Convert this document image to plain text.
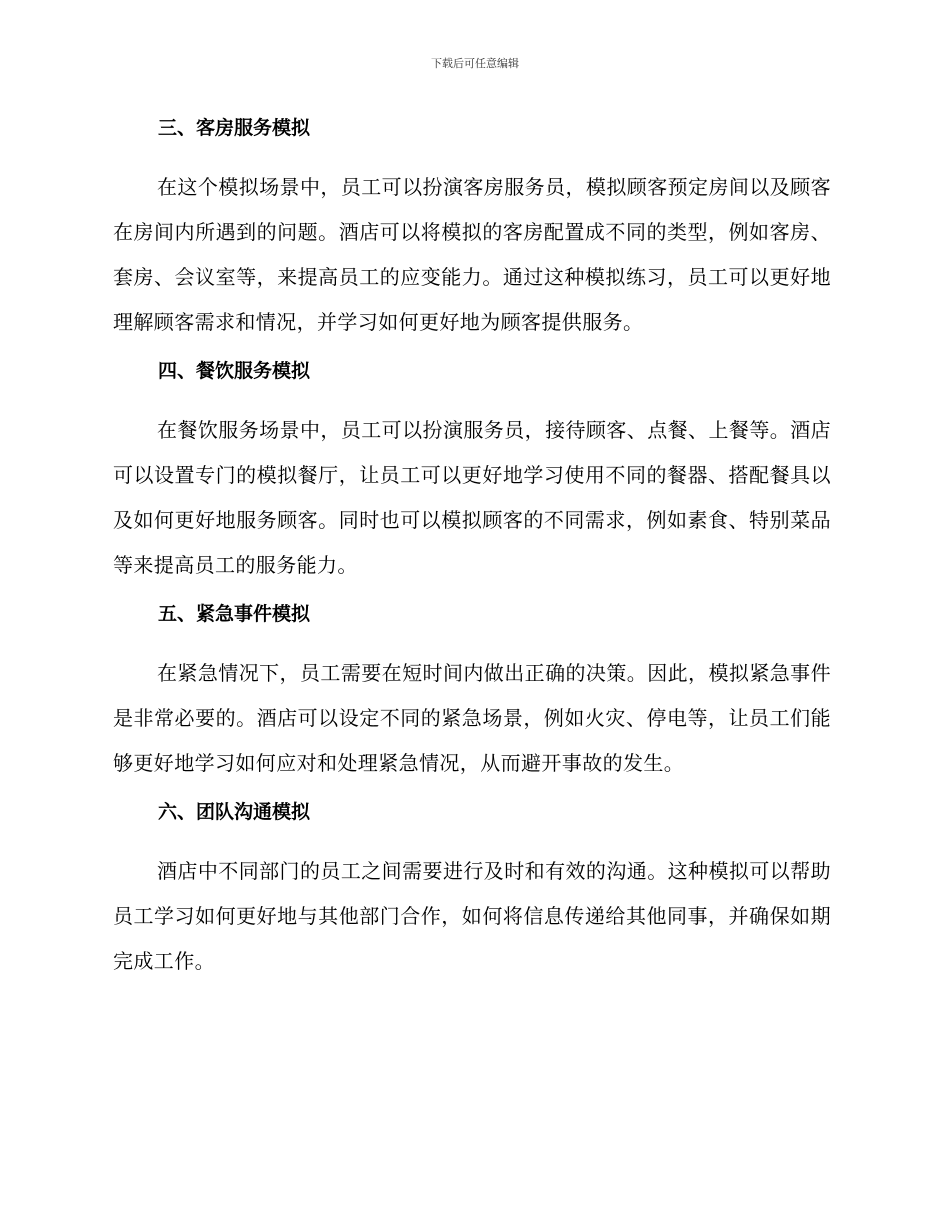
下载后可任意编辑
三、客房服务模拟

在这个模拟场景中，员工可以扮演客房服务员，模拟顾客预定房间以及顾客在房间内所遇到的问题。酒店可以将模拟的客房配置成不同的类型，例如客房、套房、会议室等，来提高员工的应变能力。通过这种模拟练习，员工可以更好地理解顾客需求和情况，并学习如何更好地为顾客提供服务。

四、餐饮服务模拟

在餐饮服务场景中，员工可以扮演服务员，接待顾客、点餐、上餐等。酒店可以设置专门的模拟餐厅，让员工可以更好地学习使用不同的餐器、搭配餐具以及如何更好地服务顾客。同时也可以模拟顾客的不同需求，例如素食、特别菜品等来提高员工的服务能力。

五、紧急事件模拟

在紧急情况下，员工需要在短时间内做出正确的决策。因此，模拟紧急事件是非常必要的。酒店可以设定不同的紧急场景，例如火灾、停电等，让员工们能够更好地学习如何应对和处理紧急情况，从而避开事故的发生。

六、团队沟通模拟

酒店中不同部门的员工之间需要进行及时和有效的沟通。这种模拟可以帮助员工学习如何更好地与其他部门合作，如何将信息传递给其他同事，并确保如期完成工作。
